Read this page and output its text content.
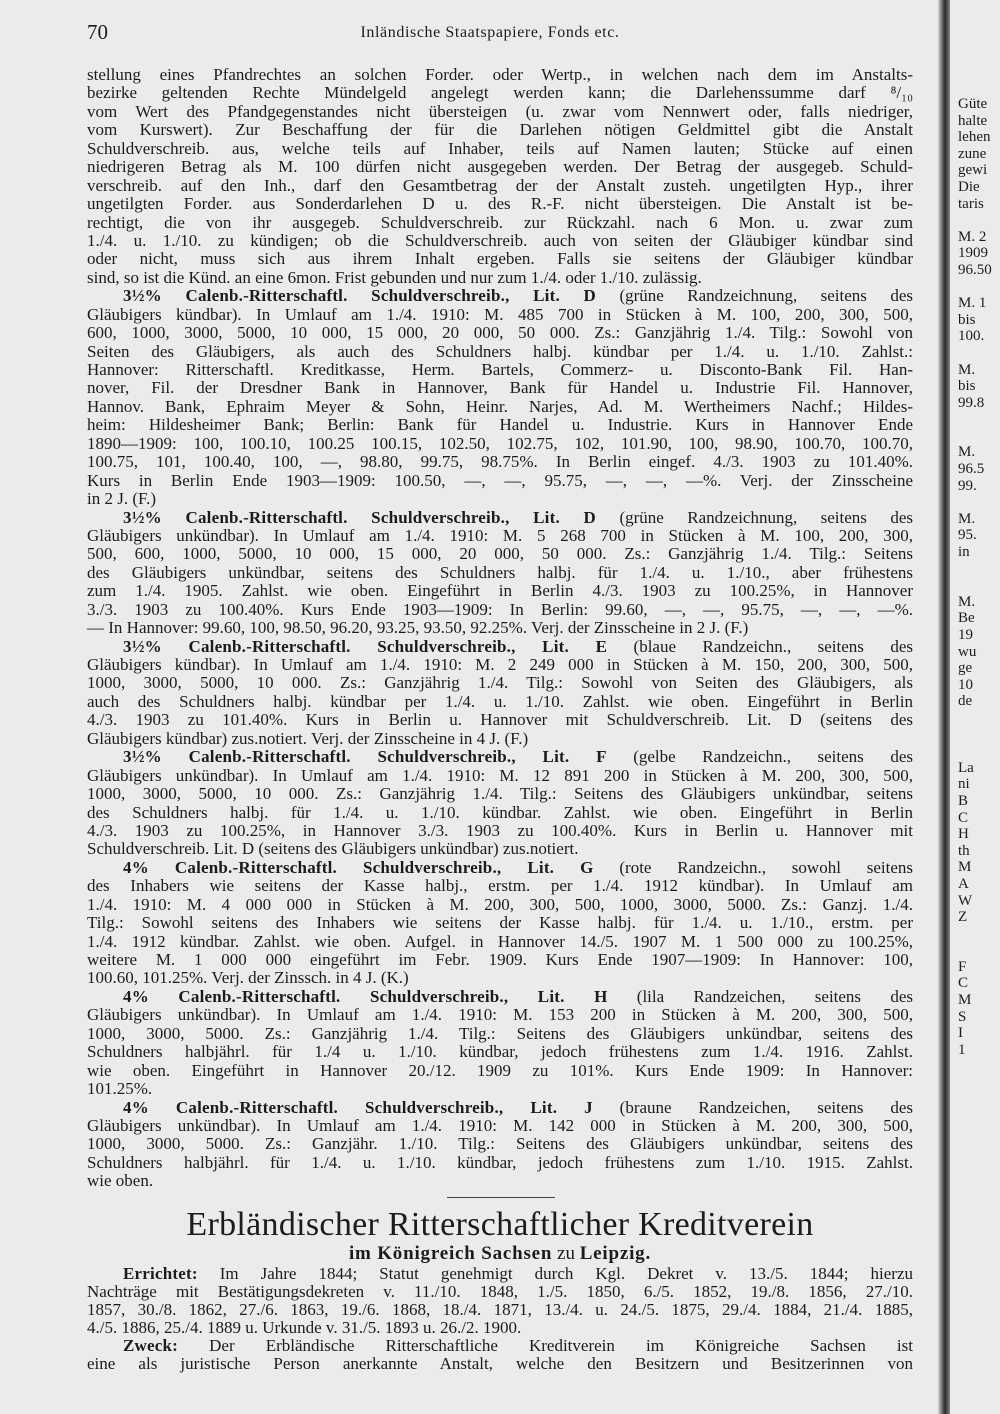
70	Inländische Staatspapiere, Fonds etc.
stellung eines Pfandrechtes an solchen Forder. oder Wertp., in welchen nach dem im Anstalts-
bezirke geltenden Rechte Mündelgeld angelegt werden kann; die Darlehenssumme darf ⁸/₁₀
vom Wert des Pfandgegenstandes nicht übersteigen (u. zwar vom Nennwert oder, falls niedriger,
vom Kurswert). Zur Beschaffung der für die Darlehen nötigen Geldmittel gibt die Anstalt
Schuldverschreib. aus, welche teils auf Inhaber, teils auf Namen lauten; Stücke auf einen
niedrigeren Betrag als M. 100 dürfen nicht ausgegeben werden. Der Betrag der ausgegeb. Schuld-
verschreib. auf den Inh., darf den Gesamtbetrag der der Anstalt zusteh. ungetilgten Hyp., ihrer
ungetilgten Forder. aus Sonderdarlehen D u. des R.-F. nicht übersteigen. Die Anstalt ist be-
rechtigt, die von ihr ausgegeb. Schuldverschreib. zur Rückzahl. nach 6 Mon. u. zwar zum
1./4. u. 1./10. zu kündigen; ob die Schuldverschreib. auch von seiten der Gläubiger kündbar sind
oder nicht, muss sich aus ihrem Inhalt ergeben. Falls sie seitens der Gläubiger kündbar
sind, so ist die Künd. an eine 6mon. Frist gebunden und nur zum 1./4. oder 1./10. zulässig.
3½% Calenb.-Ritterschaftl. Schuldverschreib., Lit. D (grüne Randzeichnung, seitens des
Gläubigers kündbar). In Umlauf am 1./4. 1910: M. 485 700 in Stücken à M. 100, 200, 300, 500,
600, 1000, 3000, 5000, 10 000, 15 000, 20 000, 50 000. Zs.: Ganzjährig 1./4. Tilg.: Sowohl von
Seiten des Gläubigers, als auch des Schuldners halbj. kündbar per 1./4. u. 1./10. Zahlst.:
Hannover: Ritterschaftl. Kreditkasse, Herm. Bartels, Commerz- u. Disconto-Bank Fil. Han-
nover, Fil. der Dresdner Bank in Hannover, Bank für Handel u. Industrie Fil. Hannover,
Hannov. Bank, Ephraim Meyer & Sohn, Heinr. Narjes, Ad. M. Wertheimers Nachf.; Hildes-
heim: Hildesheimer Bank; Berlin: Bank für Handel u. Industrie. Kurs in Hannover Ende
1890—1909: 100, 100.10, 100.25 100.15, 102.50, 102.75, 102, 101.90, 100, 98.90, 100.70, 100.70,
100.75, 101, 100.40, 100, —, 98.80, 99.75, 98.75%. In Berlin eingef. 4./3. 1903 zu 101.40%.
Kurs in Berlin Ende 1903—1909: 100.50, —, —, 95.75, —, —, —%. Verj. der Zinsscheine
in 2 J. (F.)
3½% Calenb.-Ritterschaftl. Schuldverschreib., Lit. D (grüne Randzeichnung, seitens des
Gläubigers unkündbar). In Umlauf am 1./4. 1910: M. 5 268 700 in Stücken à M. 100, 200, 300,
500, 600, 1000, 5000, 10 000, 15 000, 20 000, 50 000. Zs.: Ganzjährig 1./4. Tilg.: Seitens
des Gläubigers unkündbar, seitens des Schuldners halbj. für 1./4. u. 1./10., aber frühestens
zum 1./4. 1905. Zahlst. wie oben. Eingeführt in Berlin 4./3. 1903 zu 100.25%, in Hannover
3./3. 1903 zu 100.40%. Kurs Ende 1903—1909: In Berlin: 99.60, —, —, 95.75, —, —, —%.
— In Hannover: 99.60, 100, 98.50, 96.20, 93.25, 93.50, 92.25%. Verj. der Zinsscheine in 2 J. (F.)
3½% Calenb.-Ritterschaftl. Schuldverschreib., Lit. E (blaue Randzeichn., seitens des
Gläubigers kündbar). In Umlauf am 1./4. 1910: M. 2 249 000 in Stücken à M. 150, 200, 300, 500,
1000, 3000, 5000, 10 000. Zs.: Ganzjährig 1./4. Tilg.: Sowohl von Seiten des Gläubigers, als
auch des Schuldners halbj. kündbar per 1./4. u. 1./10. Zahlst. wie oben. Eingeführt in Berlin
4./3. 1903 zu 101.40%. Kurs in Berlin u. Hannover mit Schuldverschreib. Lit. D (seitens des
Gläubigers kündbar) zus.notiert. Verj. der Zinsscheine in 4 J. (F.)
3½% Calenb.-Ritterschaftl. Schuldverschreib., Lit. F (gelbe Randzeichn., seitens des
Gläubigers unkündbar). In Umlauf am 1./4. 1910: M. 12 891 200 in Stücken à M. 200, 300, 500,
1000, 3000, 5000, 10 000. Zs.: Ganzjährig 1./4. Tilg.: Seitens des Gläubigers unkündbar, seitens
des Schuldners halbj. für 1./4. u. 1./10. kündbar. Zahlst. wie oben. Eingeführt in Berlin
4./3. 1903 zu 100.25%, in Hannover 3./3. 1903 zu 100.40%. Kurs in Berlin u. Hannover mit
Schuldverschreib. Lit. D (seitens des Gläubigers unkündbar) zus.notiert.
4% Calenb.-Ritterschaftl. Schuldverschreib., Lit. G (rote Randzeichn., sowohl seitens
des Inhabers wie seitens der Kasse halbj., erstm. per 1./4. 1912 kündbar). In Umlauf am
1./4. 1910: M. 4 000 000 in Stücken à M. 200, 300, 500, 1000, 3000, 5000. Zs.: Ganzj. 1./4.
Tilg.: Sowohl seitens des Inhabers wie seitens der Kasse halbj. für 1./4. u. 1./10., erstm. per
1./4. 1912 kündbar. Zahlst. wie oben. Aufgel. in Hannover 14./5. 1907 M. 1 500 000 zu 100.25%,
weitere M. 1 000 000 eingeführt im Febr. 1909. Kurs Ende 1907—1909: In Hannover: 100,
100.60, 101.25%. Verj. der Zinssch. in 4 J. (K.)
4% Calenb.-Ritterschaftl. Schuldverschreib., Lit. H (lila Randzeichen, seitens des
Gläubigers unkündbar). In Umlauf am 1./4. 1910: M. 153 200 in Stücken à M. 200, 300, 500,
1000, 3000, 5000. Zs.: Ganzjährig 1./4. Tilg.: Seitens des Gläubigers unkündbar, seitens des
Schuldners halbjährl. für 1./4 u. 1./10. kündbar, jedoch frühestens zum 1./4. 1916. Zahlst.
wie oben. Eingeführt in Hannover 20./12. 1909 zu 101%. Kurs Ende 1909: In Hannover:
101.25%.
4% Calenb.-Ritterschaftl. Schuldverschreib., Lit. J (braune Randzeichen, seitens des
Gläubigers unkündbar). In Umlauf am 1./4. 1910: M. 142 000 in Stücken à M. 200, 300, 500,
1000, 3000, 5000. Zs.: Ganzjähr. 1./10. Tilg.: Seitens des Gläubigers unkündbar, seitens des
Schuldners halbjährl. für 1./4. u. 1./10. kündbar, jedoch frühestens zum 1./10. 1915. Zahlst.
wie oben.
Erbländischer Ritterschaftlicher Kreditverein
im Königreich Sachsen zu Leipzig.
Errichtet: Im Jahre 1844; Statut genehmigt durch Kgl. Dekret v. 13./5. 1844; hierzu
Nachträge mit Bestätigungsdekreten v. 11./10. 1848, 1./5. 1850, 6./5. 1852, 19./8. 1856, 27./10.
1857, 30./8. 1862, 27./6. 1863, 19./6. 1868, 18./4. 1871, 13./4. u. 24./5. 1875, 29./4. 1884, 21./4. 1885,
4./5. 1886, 25./4. 1889 u. Urkunde v. 31./5. 1893 u. 26./2. 1900.
Zweck: Der Erbländische Ritterschaftliche Kreditverein im Königreiche Sachsen ist
eine als juristische Person anerkannte Anstalt, welche den Besitzern und Besitzerinnen von
Güte
halte
lehen
zune
gewi
Die
taris
M. 2
1909
96.50
M. 1
bis
100.
M.
bis
99.8
M.
96.5
99.
M.
95.
in
M.
Be
19
wu
ge
10
de
La
ni
B
C
H
th
M
A
W
Z
F
C
M
S
I
1
